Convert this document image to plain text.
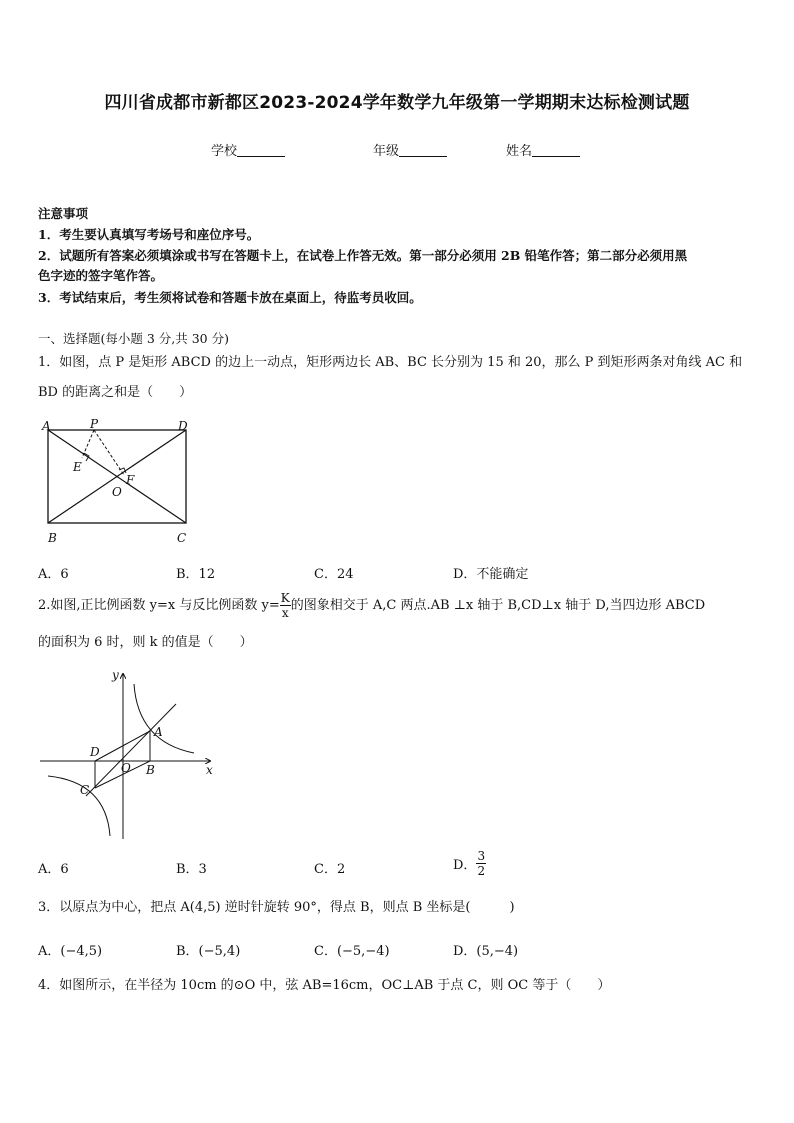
四川省成都市新都区2023-2024学年数学九年级第一学期期末达标检测试题
学校	年级	姓名
注意事项
1．考生要认真填写考场号和座位序号。
2．试题所有答案必须填涂或书写在答题卡上，在试卷上作答无效。第一部分必须用 2B 铅笔作答；第二部分必须用黑
色字迹的签字笔作答。
3．考试结束后，考生须将试卷和答题卡放在桌面上，待监考员收回。
一、选择题(每小题 3 分,共 30 分)
1．如图，点 P 是矩形 ABCD 的边上一动点，矩形两边长 AB、BC 长分别为 15 和 20，那么 P 到矩形两条对角线 AC 和
BD 的距离之和是（　　）
A	P	D
E
F
O
B	C
A．6	B．12	C．24	D．不能确定
2.如图,正比例函数 y=x 与反比例函数 $y= \frac{K}{x}$ 的图象相交于 A,C 两点.AB ⊥x 轴于 B,CD⊥x 轴于 D,当四边形 ABCD
的面积为 6 时，则 k 的值是（　　）
y
x
A
B
C
D
O
A．6	B．3	C．2	D． $\frac{3}{2}$
3．以原点为中心，把点 A(4,5) 逆时针旋转 90°，得点 B，则点 B 坐标是(　　　)
A．(−4,5)	B．(−5,4)	C．(−5,−4)	D．(5,−4)
4．如图所示，在半径为 10cm 的⊙O 中，弦 AB=16cm，OC⊥AB 于点 C，则 OC 等于（　　）
